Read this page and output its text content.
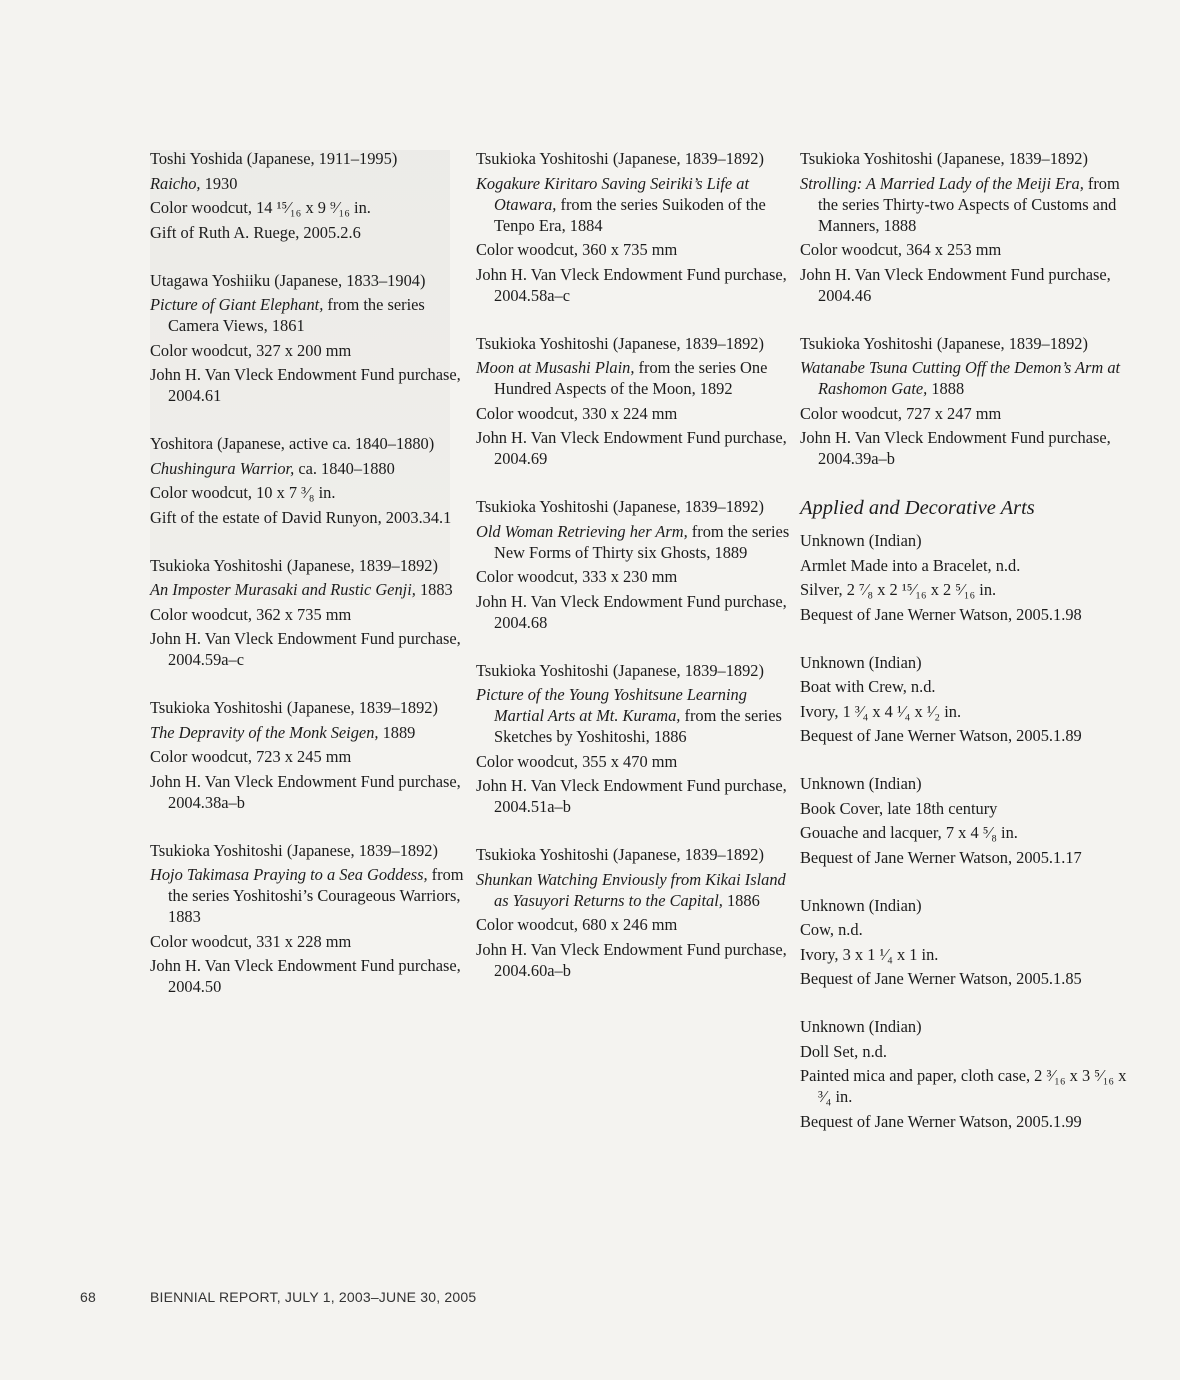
Toshi Yoshida (Japanese, 1911–1995)
Raicho, 1930
Color woodcut, 14 ¹⁵⁄₁₆ x 9 ⁹⁄₁₆ in.
Gift of Ruth A. Ruege, 2005.2.6
Utagawa Yoshiiku (Japanese, 1833–1904)
Picture of Giant Elephant, from the series Camera Views, 1861
Color woodcut, 327 x 200 mm
John H. Van Vleck Endowment Fund purchase, 2004.61
Yoshitora (Japanese, active ca. 1840–1880)
Chushingura Warrior, ca. 1840–1880
Color woodcut, 10 x 7 ³⁄₈ in.
Gift of the estate of David Runyon, 2003.34.1
Tsukioka Yoshitoshi (Japanese, 1839–1892)
An Imposter Murasaki and Rustic Genji, 1883
Color woodcut, 362 x 735 mm
John H. Van Vleck Endowment Fund purchase, 2004.59a–c
Tsukioka Yoshitoshi (Japanese, 1839–1892)
The Depravity of the Monk Seigen, 1889
Color woodcut, 723 x 245 mm
John H. Van Vleck Endowment Fund purchase, 2004.38a–b
Tsukioka Yoshitoshi (Japanese, 1839–1892)
Hojo Takimasa Praying to a Sea Goddess, from the series Yoshitoshi’s Courageous Warriors, 1883
Color woodcut, 331 x 228 mm
John H. Van Vleck Endowment Fund purchase, 2004.50
Tsukioka Yoshitoshi (Japanese, 1839–1892)
Kogakure Kiritaro Saving Seiriki’s Life at Otawara, from the series Suikoden of the Tenpo Era, 1884
Color woodcut, 360 x 735 mm
John H. Van Vleck Endowment Fund purchase, 2004.58a–c
Tsukioka Yoshitoshi (Japanese, 1839–1892)
Moon at Musashi Plain, from the series One Hundred Aspects of the Moon, 1892
Color woodcut, 330 x 224 mm
John H. Van Vleck Endowment Fund purchase, 2004.69
Tsukioka Yoshitoshi (Japanese, 1839–1892)
Old Woman Retrieving her Arm, from the series New Forms of Thirty six Ghosts, 1889
Color woodcut, 333 x 230 mm
John H. Van Vleck Endowment Fund purchase, 2004.68
Tsukioka Yoshitoshi (Japanese, 1839–1892)
Picture of the Young Yoshitsune Learning Martial Arts at Mt. Kurama, from the series Sketches by Yoshitoshi, 1886
Color woodcut, 355 x 470 mm
John H. Van Vleck Endowment Fund purchase, 2004.51a–b
Tsukioka Yoshitoshi (Japanese, 1839–1892)
Shunkan Watching Enviously from Kikai Island as Yasuyori Returns to the Capital, 1886
Color woodcut, 680 x 246 mm
John H. Van Vleck Endowment Fund purchase, 2004.60a–b
Tsukioka Yoshitoshi (Japanese, 1839–1892)
Strolling: A Married Lady of the Meiji Era, from the series Thirty-two Aspects of Customs and Manners, 1888
Color woodcut, 364 x 253 mm
John H. Van Vleck Endowment Fund purchase, 2004.46
Tsukioka Yoshitoshi (Japanese, 1839–1892)
Watanabe Tsuna Cutting Off the Demon’s Arm at Rashomon Gate, 1888
Color woodcut, 727 x 247 mm
John H. Van Vleck Endowment Fund purchase, 2004.39a–b
Applied and Decorative Arts
Unknown (Indian)
Armlet Made into a Bracelet, n.d.
Silver, 2 ⁷⁄₈ x 2 ¹⁵⁄₁₆ x 2 ⁵⁄₁₆ in.
Bequest of Jane Werner Watson, 2005.1.98
Unknown (Indian)
Boat with Crew, n.d.
Ivory, 1 ³⁄₄ x 4 ¹⁄₄ x ¹⁄₂ in.
Bequest of Jane Werner Watson, 2005.1.89
Unknown (Indian)
Book Cover, late 18th century
Gouache and lacquer, 7 x 4 ⁵⁄₈ in.
Bequest of Jane Werner Watson, 2005.1.17
Unknown (Indian)
Cow, n.d.
Ivory, 3 x 1 ¹⁄₄ x 1 in.
Bequest of Jane Werner Watson, 2005.1.85
Unknown (Indian)
Doll Set, n.d.
Painted mica and paper, cloth case, 2 ³⁄₁₆ x 3 ⁵⁄₁₆ x ³⁄₄ in.
Bequest of Jane Werner Watson, 2005.1.99
68	BIENNIAL REPORT, JULY 1, 2003–JUNE 30, 2005
